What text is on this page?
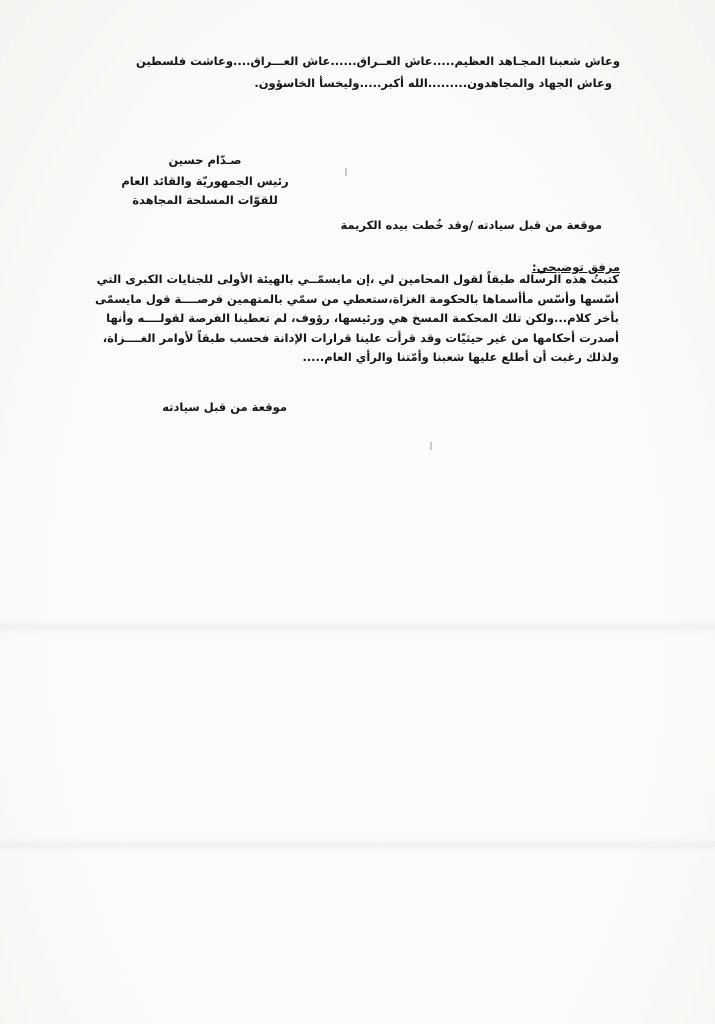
وعاش شعبنا المجـاهد العظيم.....عاش العــراق......عاش العـــراق....وعاشت فلسطين
وعاش الجهاد والمجاهدون.........الله أكبر.....وليخسأ الخاسؤون.
صـدّام حسين
رئيس الجمهوريّة والقائد العام
للقوّات المسلحة المجاهدة
موقعة من قبل سيادته /وقد خُطت بيده الكريمة
مرفق توضيحي:
كتبتُ هذه الرساله طبقاً لقول المحامين لي ،إن مايسمّــي بالهيئة الأولى للجنايات الكبرى التي
أسّسها وأسّس مأأسماها بالحكومة الغزاة،ستعطي من سمّي بالمتهمين فرصــــة قول مايسمّى
بأخر كلام...ولكن تلك المحكمة المسخ هي ورئيسها، رؤوف، لم تعطينا الفرصة لقولــــه وأنها
أصدرت أحكامها من غير حيثيّات وقد قرأت علينا قرارات الإدانة فحسب طبقاً لأوامر الغــــزاة،
ولذلك رغبت أن أطلع عليها شعبنا وأمّتنا والرأي العام.....
موقعة من قبل سيادته
